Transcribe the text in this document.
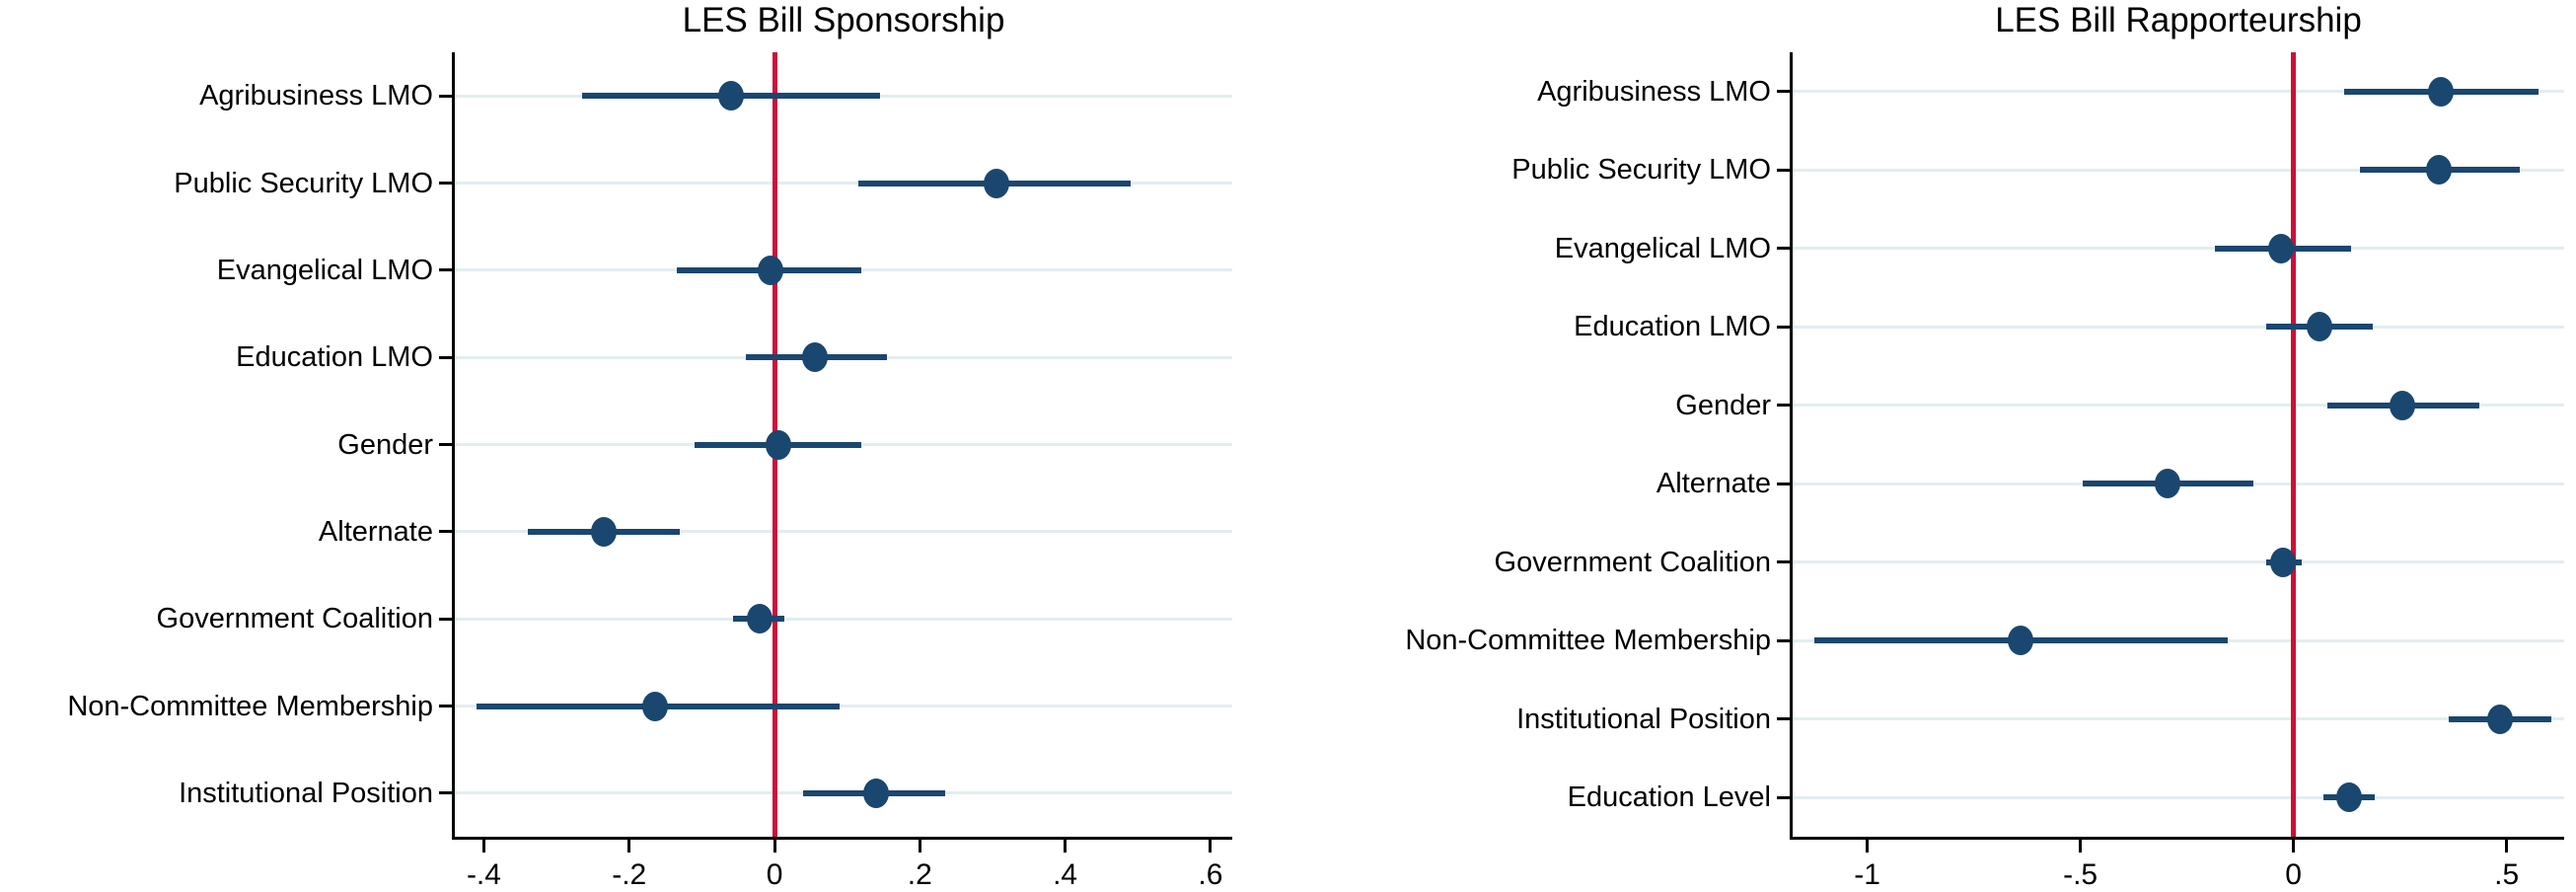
LES Bill Sponsorship
Agribusiness LMO
Public Security LMO
Evangelical LMO
Education LMO
Gender
Alternate
Government Coalition
Non-Committee Membership
Institutional Position
-.4	-.2	0	.2	.4	.6
LES Bill Rapporteurship
Agribusiness LMO
Public Security LMO
Evangelical LMO
Education LMO
Gender
Alternate
Government Coalition
Non-Committee Membership
Institutional Position
Education Level
-1	-.5	0	.5
